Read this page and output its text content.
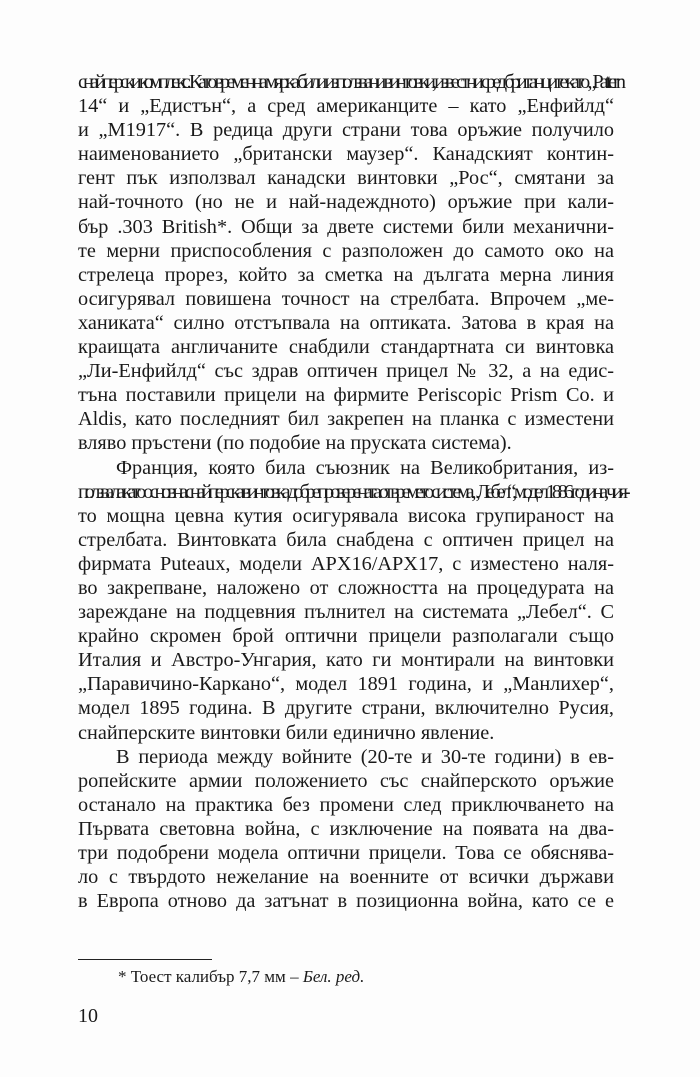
снайперски комплекс. Като временна мярка били използвани винтовки, известни сред британците като „Pattern
14“ и „Едистън“, а сред американците – като „Енфийлд“
и „M1917“. В редица други страни това оръжие получило
наименованието „британски маузер“. Канадският контин-
гент пък използвал канадски винтовки „Рос“, смятани за
най-точното (но не и най-надеждното) оръжие при кали-
бър .303 British*. Общи за двете системи били механични-
те мерни приспособления с разположен до самото око на
стрелеца прорез, който за сметка на дългата мерна линия
осигурявал повишена точност на стрелбата. Впрочем „ме-
ханиката“ силно отстъпвала на оптиката. Затова в края на
краищата англичаните снабдили стандартната си винтовка
„Ли-Енфийлд“ със здрав оптичен прицел № 32, а на едис-
тъна поставили прицели на фирмите Periscopic Prism Co. и
Aldis, като последният бил закрепен на планка с изместени
вляво пръстени (по подобие на пруската система).
Франция, която била съюзник на Великобритания, из-
ползвала като основна снайперска винтовка добре проверената от времето система „Лебел“, модел 1886 година, чия-
то мощна цевна кутия осигурявала висока групираност на
стрелбата. Винтовката била снабдена с оптичен прицел на
фирмата Puteaux, модели APX16/APX17, с изместено наля-
во закрепване, наложено от сложността на процедурата на
зареждане на подцевния пълнител на системата „Лебел“. С
крайно скромен брой оптични прицели разполагали също
Италия и Австро-Унгария, като ги монтирали на винтовки
„Паравичино-Каркано“, модел 1891 година, и „Манлихер“,
модел 1895 година. В другите страни, включително Русия,
снайперските винтовки били единично явление.
В периода между войните (20-те и 30-те години) в ев-
ропейските армии положението със снайперското оръжие
останало на практика без промени след приключването на
Първата световна война, с изключение на появата на два-
три подобрени модела оптични прицели. Това се обяснява-
ло с твърдото нежелание на военните от всички държави
в Европа отново да затънат в позиционна война, като се е
* Тоест калибър 7,7 мм – Бел. ред.
10
